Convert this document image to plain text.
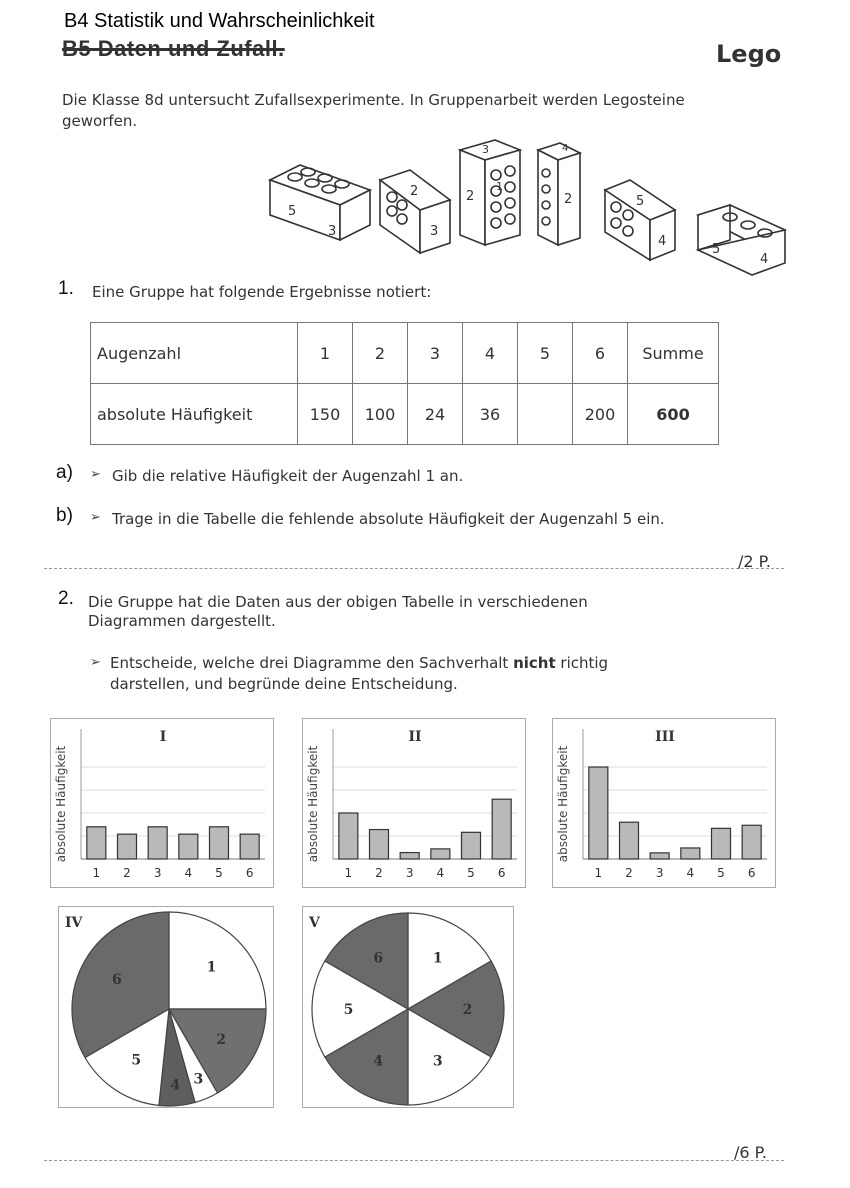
B4 Statistik und Wahrscheinlichkeit
B5 Daten und Zufall.	Lego
Die Klasse 8d untersucht Zufallsexperimente. In Gruppenarbeit werden Legosteine geworfen.
5
3
2
3
3
2
1
4
2	5
4
5
4
1. Eine Gruppe hat folgende Ergebnisse notiert:
Augenzahl	1	2	3	4	5	6	Summe
absolute Häufigkeit	150	100	24	36		200	600
a) ➢ Gib die relative Häufigkeit der Augenzahl 1 an.
b) ➢ Trage in die Tabelle die fehlende absolute Häufigkeit der Augenzahl 5 ein.
/2 P.
2. Die Gruppe hat die Daten aus der obigen Tabelle in verschiedenen
Diagrammen dargestellt.
➢ Entscheide, welche drei Diagramme den Sachverhalt nicht richtig
darstellen, und begründe deine Entscheidung.
I
absolute Häufigkeit
1 2 3 4 5 6
II
absolute Häufigkeit
1 2 3 4 5 6
III
absolute Häufigkeit
1 2 3 4 5 6
IV
1
2
3
4
5
6
V
1
2
3
4
5
6
/6 P.
